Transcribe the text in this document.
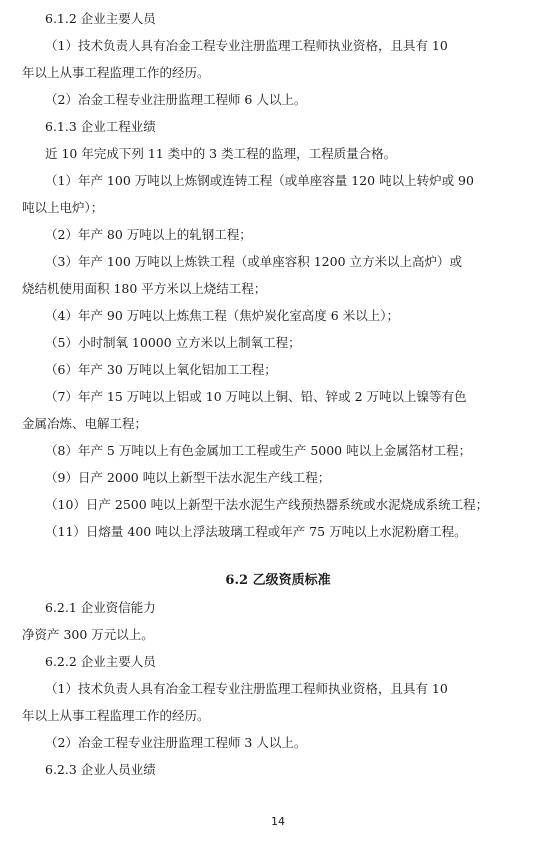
6.1.2 企业主要人员
（1）技术负责人具有冶金工程专业注册监理工程师执业资格，且具有 10
年以上从事工程监理工作的经历。
（2）冶金工程专业注册监理工程师 6 人以上。
6.1.3 企业工程业绩
近 10 年完成下列 11 类中的 3 类工程的监理，工程质量合格。
（1）年产 100 万吨以上炼钢或连铸工程（或单座容量 120 吨以上转炉或 90
吨以上电炉）；
（2）年产 80 万吨以上的轧钢工程；
（3）年产 100 万吨以上炼铁工程（或单座容积 1200 立方米以上高炉）或
烧结机使用面积 180 平方米以上烧结工程；
（4）年产 90 万吨以上炼焦工程（焦炉炭化室高度 6 米以上）；
（5）小时制氧 10000 立方米以上制氧工程；
（6）年产 30 万吨以上氧化铝加工工程；
（7）年产 15 万吨以上铝或 10 万吨以上铜、铅、锌或 2 万吨以上镍等有色
金属冶炼、电解工程；
（8）年产 5 万吨以上有色金属加工工程或生产 5000 吨以上金属箔材工程；
（9）日产 2000 吨以上新型干法水泥生产线工程；
（10）日产 2500 吨以上新型干法水泥生产线预热器系统或水泥烧成系统工程；
（11）日熔量 400 吨以上浮法玻璃工程或年产 75 万吨以上水泥粉磨工程。
6.2 乙级资质标准
6.2.1 企业资信能力
净资产 300 万元以上。
6.2.2 企业主要人员
（1）技术负责人具有冶金工程专业注册监理工程师执业资格，且具有 10
年以上从事工程监理工作的经历。
（2）冶金工程专业注册监理工程师 3 人以上。
6.2.3 企业人员业绩
14
